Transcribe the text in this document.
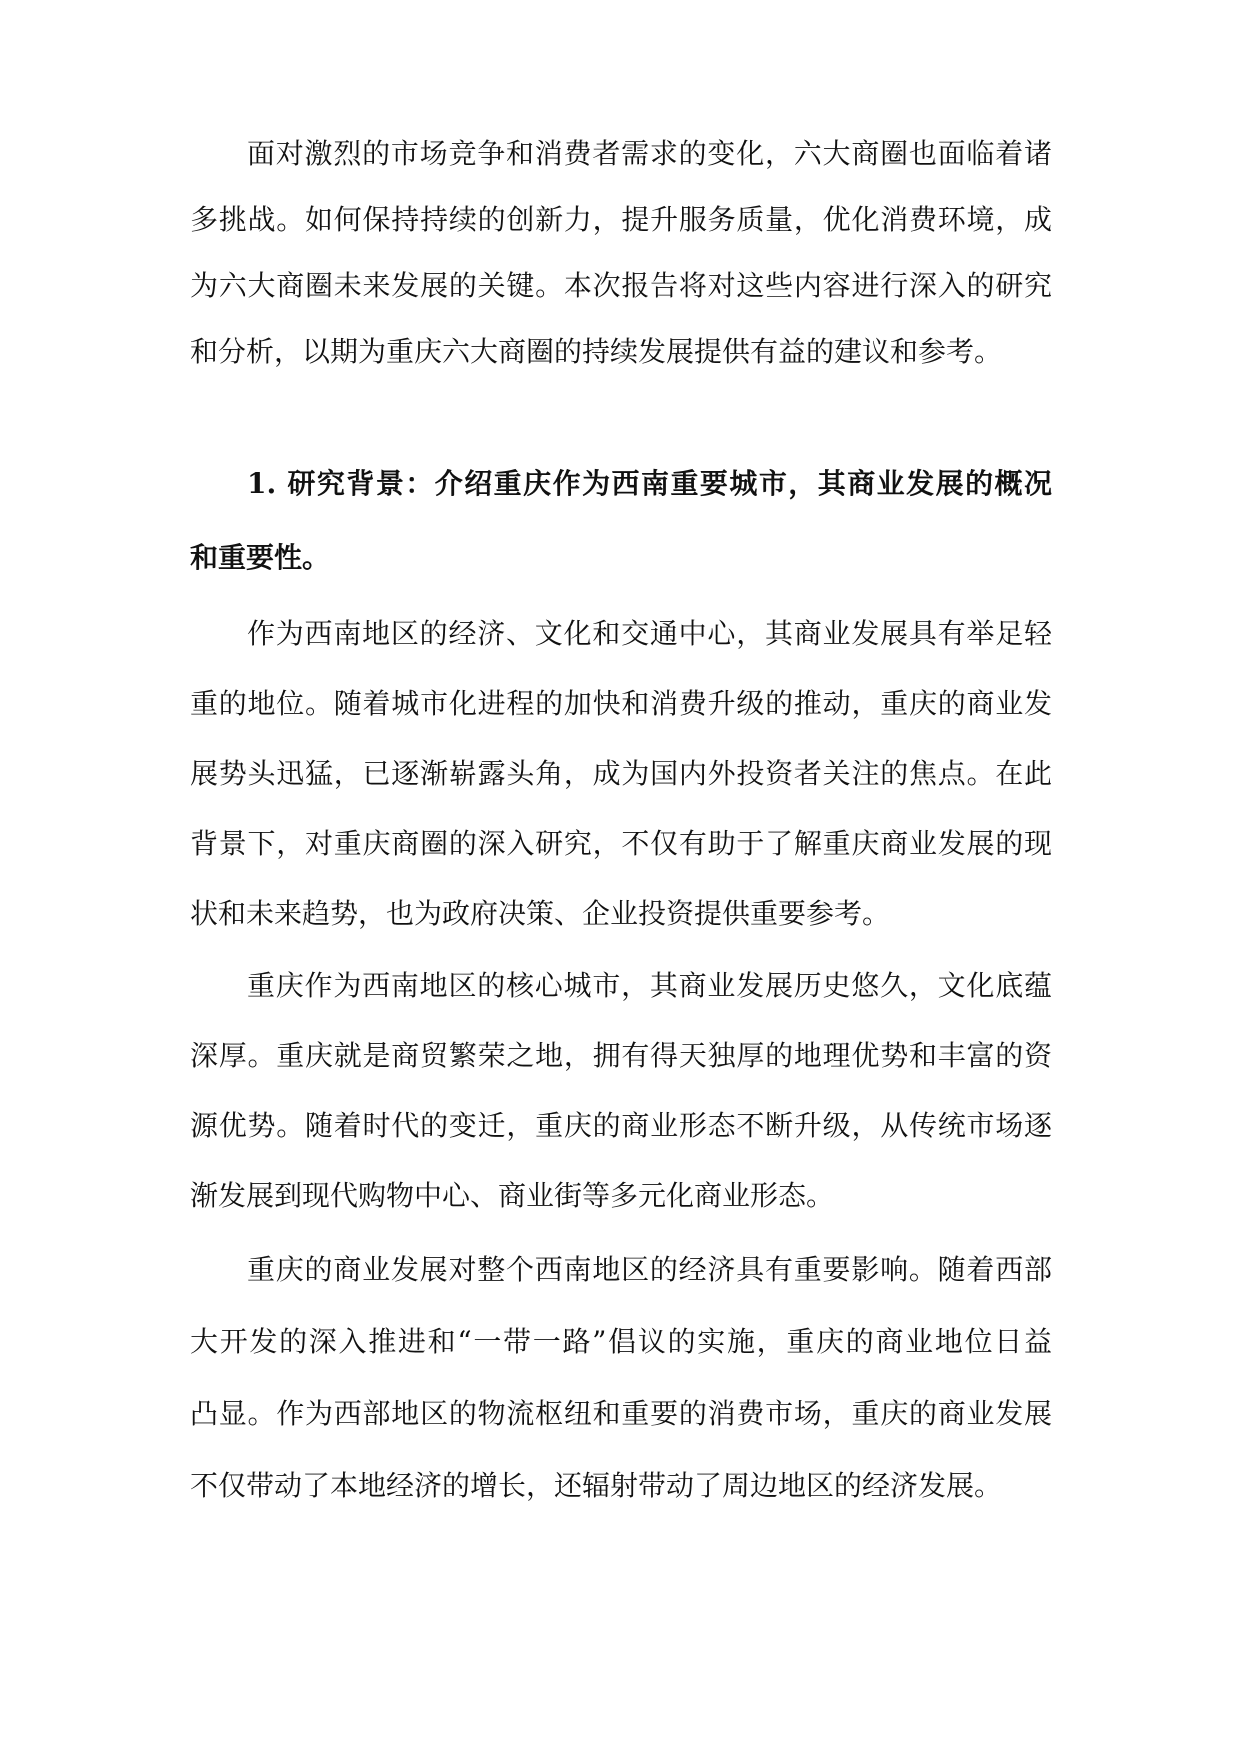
面对激烈的市场竞争和消费者需求的变化，六大商圈也面临着诸
多挑战。如何保持持续的创新力，提升服务质量，优化消费环境，成
为六大商圈未来发展的关键。本次报告将对这些内容进行深入的研究
和分析，以期为重庆六大商圈的持续发展提供有益的建议和参考。
1. 研究背景：介绍重庆作为西南重要城市，其商业发展的概况
和重要性。
作为西南地区的经济、文化和交通中心，其商业发展具有举足轻
重的地位。随着城市化进程的加快和消费升级的推动，重庆的商业发
展势头迅猛，已逐渐崭露头角，成为国内外投资者关注的焦点。在此
背景下，对重庆商圈的深入研究，不仅有助于了解重庆商业发展的现
状和未来趋势，也为政府决策、企业投资提供重要参考。
重庆作为西南地区的核心城市，其商业发展历史悠久，文化底蕴
深厚。重庆就是商贸繁荣之地，拥有得天独厚的地理优势和丰富的资
源优势。随着时代的变迁，重庆的商业形态不断升级，从传统市场逐
渐发展到现代购物中心、商业街等多元化商业形态。
重庆的商业发展对整个西南地区的经济具有重要影响。随着西部
大开发的深入推进和“一带一路”倡议的实施，重庆的商业地位日益
凸显。作为西部地区的物流枢纽和重要的消费市场，重庆的商业发展
不仅带动了本地经济的增长，还辐射带动了周边地区的经济发展。
